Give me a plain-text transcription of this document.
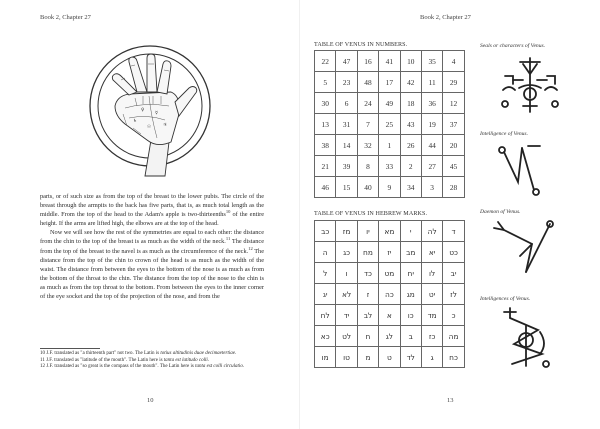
Book 2, Chapter 27
♀
☿
☉
♄
♃

parts, or of such size as from the top of the breast to the lower pubis. The circle of the breast through the armpits to the back has five parts, that is, as much total length as the middle. From the top of the head to the Adam's apple is two-thirteenths$^{10}$ of the entire height. If the arms are lifted high, the elbows are at the top of the head.

Now we will see how the rest of the symmetries are equal to each other: the distance from the chin to the top of the breast is as much as the width of the neck.$^{11}$ The distance from the top of the breast to the navel is as much as the circumference of the neck.$^{12}$ The distance from the top of the chin to crown of the head is as much as the width of the waist. The distance from between the eyes to the bottom of the nose is as much as from the bottom of the throat to the chin. The distance from the top of the nose to the chin is as much as from the top throat to the bottom. From between the eyes to the inner corner of the eye socket and the top of the projection of the nose, and from the

10 J.F. translated as "a thirteenth part" not two. The Latin is totius altitudinis duae decimaetertiae.
11 J.F. translated as "latitude of the mouth". The Latin here is tanta est latitudo colli.
12 J.F. translated as "so great is the compass of the mouth". The Latin here is tanta est colli circulatio.
10
Book 2, Chapter 27
TABLE OF VENUS IN NUMBERS.
22	47	16	41	10	35	4
5	23	48	17	42	11	29
30	6	24	49	18	36	12
13	31	7	25	43	19	37
38	14	32	1	26	44	20
21	39	8	33	2	27	45
46	15	40	9	34	3	28
TABLE OF VENUS IN HEBREW MARKS.
כב	מז	יו	מא	י	לה	ד
ה	כג	מח	יז	מב	יא	כט
ל	ו	כד	מט	יח	לו	יב
יג	לא	ז	כה	מג	יט	לז
לח	יד	לב	א	כו	מד	כ
כא	לט	ח	לג	ב	כז	מה
מו	טו	מ	ט	לד	ג	כח
Seals or characters of Venus.
Intelligence of Venus.
Daemon of Venus.
Intelligences of Venus.
13
